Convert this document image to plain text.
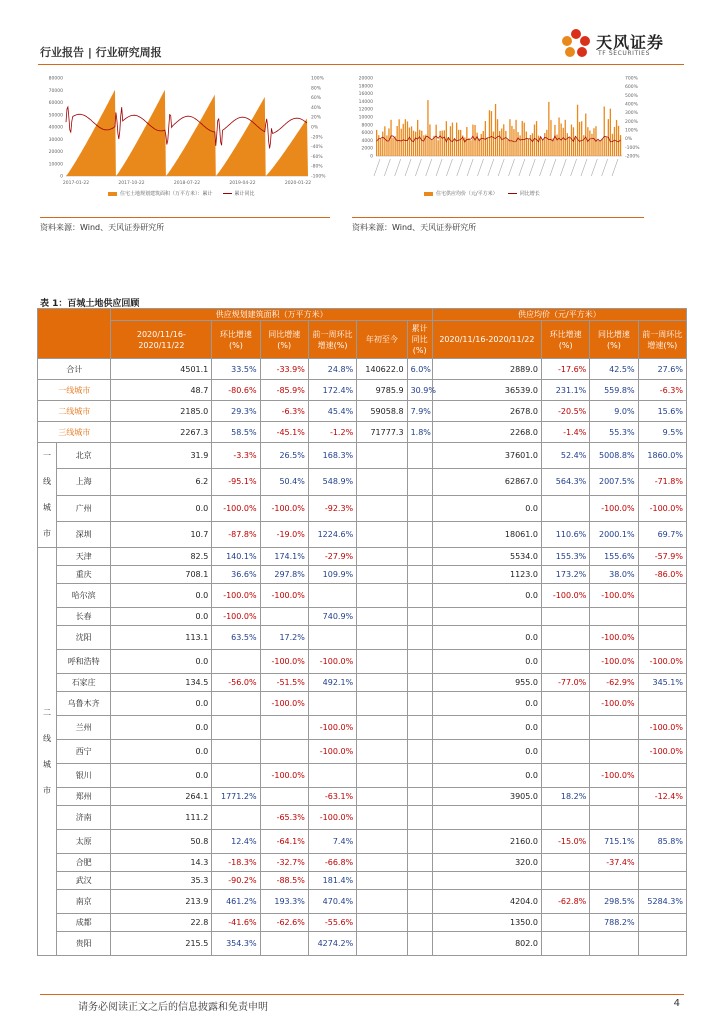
行业报告 | 行业研究周报
天风证券
TF SECURITIES
80000
70000
60000
50000
40000
30000
20000
10000
0
100%
80%
60%
40%
20%
0%
-20%
-40%
-60%
-80%
-100%
2017-01-22	2017-10-22	2018-07-22	2019-04-22	2020-01-22
住宅土地规划建筑面积（万平方米）：累计	累计同比
资料来源：Wind、天风证券研究所
20000
18000
16000
14000
12000
10000
8000
6000
4000
2000
0
700%
600%
500%
400%
300%
200%
100%
0%
-100%
-200%
住宅供应均价（元/平方米）	同比增长
资料来源：Wind、天风证券研究所
表 1：百城土地供应回顾
		供应规划建筑面积（万平方米）						供应均价（元/平方米）			
		2020/11/16-2020/11/22	环比增速(%)	同比增速(%)	前一周环比增速(%)	年初至今	累计同比(%)	2020/11/16-2020/11/22	环比增速(%)	同比增速(%)	前一周环比增速(%)
合计		4501.1	33.5%	-33.9%	24.8%	140622.0	6.0%	2889.0	-17.6%	42.5%	27.6%
一线城市		48.7	-80.6%	-85.9%	172.4%	9785.9	30.9%	36539.0	231.1%	559.8%	-6.3%
二线城市		2185.0	29.3%	-6.3%	45.4%	59058.8	7.9%	2678.0	-20.5%	9.0%	15.6%
三线城市		2267.3	58.5%	-45.1%	-1.2%	71777.3	1.8%	2268.0	-1.4%	55.3%	9.5%

一
线
城
市	北京	31.9	-3.3%	26.5%	168.3%			37601.0	52.4%	5008.8%	1860.0%
	上海	6.2	-95.1%	50.4%	548.9%			62867.0	564.3%	2007.5%	-71.8%
	广州	0.0	-100.0%	-100.0%	-92.3%			0.0		-100.0%	-100.0%
	深圳	10.7	-87.8%	-19.0%	1224.6%			18061.0	110.6%	2000.1%	69.7%

二
线
城
市	天津	82.5	140.1%	174.1%	-27.9%			5534.0	155.3%	155.6%	-57.9%
	重庆	708.1	36.6%	297.8%	109.9%			1123.0	173.2%	38.0%	-86.0%
	哈尔滨	0.0	-100.0%	-100.0%				0.0	-100.0%	-100.0%	
	长春	0.0	-100.0%		740.9%						
	沈阳	113.1	63.5%	17.2%				0.0		-100.0%	
	呼和浩特	0.0		-100.0%	-100.0%			0.0		-100.0%	-100.0%
	石家庄	134.5	-56.0%	-51.5%	492.1%			955.0	-77.0%	-62.9%	345.1%
	乌鲁木齐	0.0		-100.0%				0.0		-100.0%	
	兰州	0.0			-100.0%			0.0			-100.0%
	西宁	0.0			-100.0%			0.0			-100.0%
	银川	0.0		-100.0%				0.0		-100.0%	
	郑州	264.1	1771.2%		-63.1%			3905.0	18.2%		-12.4%
	济南	111.2		-65.3%	-100.0%						
	太原	50.8	12.4%	-64.1%	7.4%			2160.0	-15.0%	715.1%	85.8%
	合肥	14.3	-18.3%	-32.7%	-66.8%			320.0		-37.4%	
	武汉	35.3	-90.2%	-88.5%	181.4%						
	南京	213.9	461.2%	193.3%	470.4%			4204.0	-62.8%	298.5%	5284.3%
	成都	22.8	-41.6%	-62.6%	-55.6%			1350.0		788.2%	
	贵阳	215.5	354.3%		4274.2%			802.0			
请务必阅读正文之后的信息披露和免责申明	4
